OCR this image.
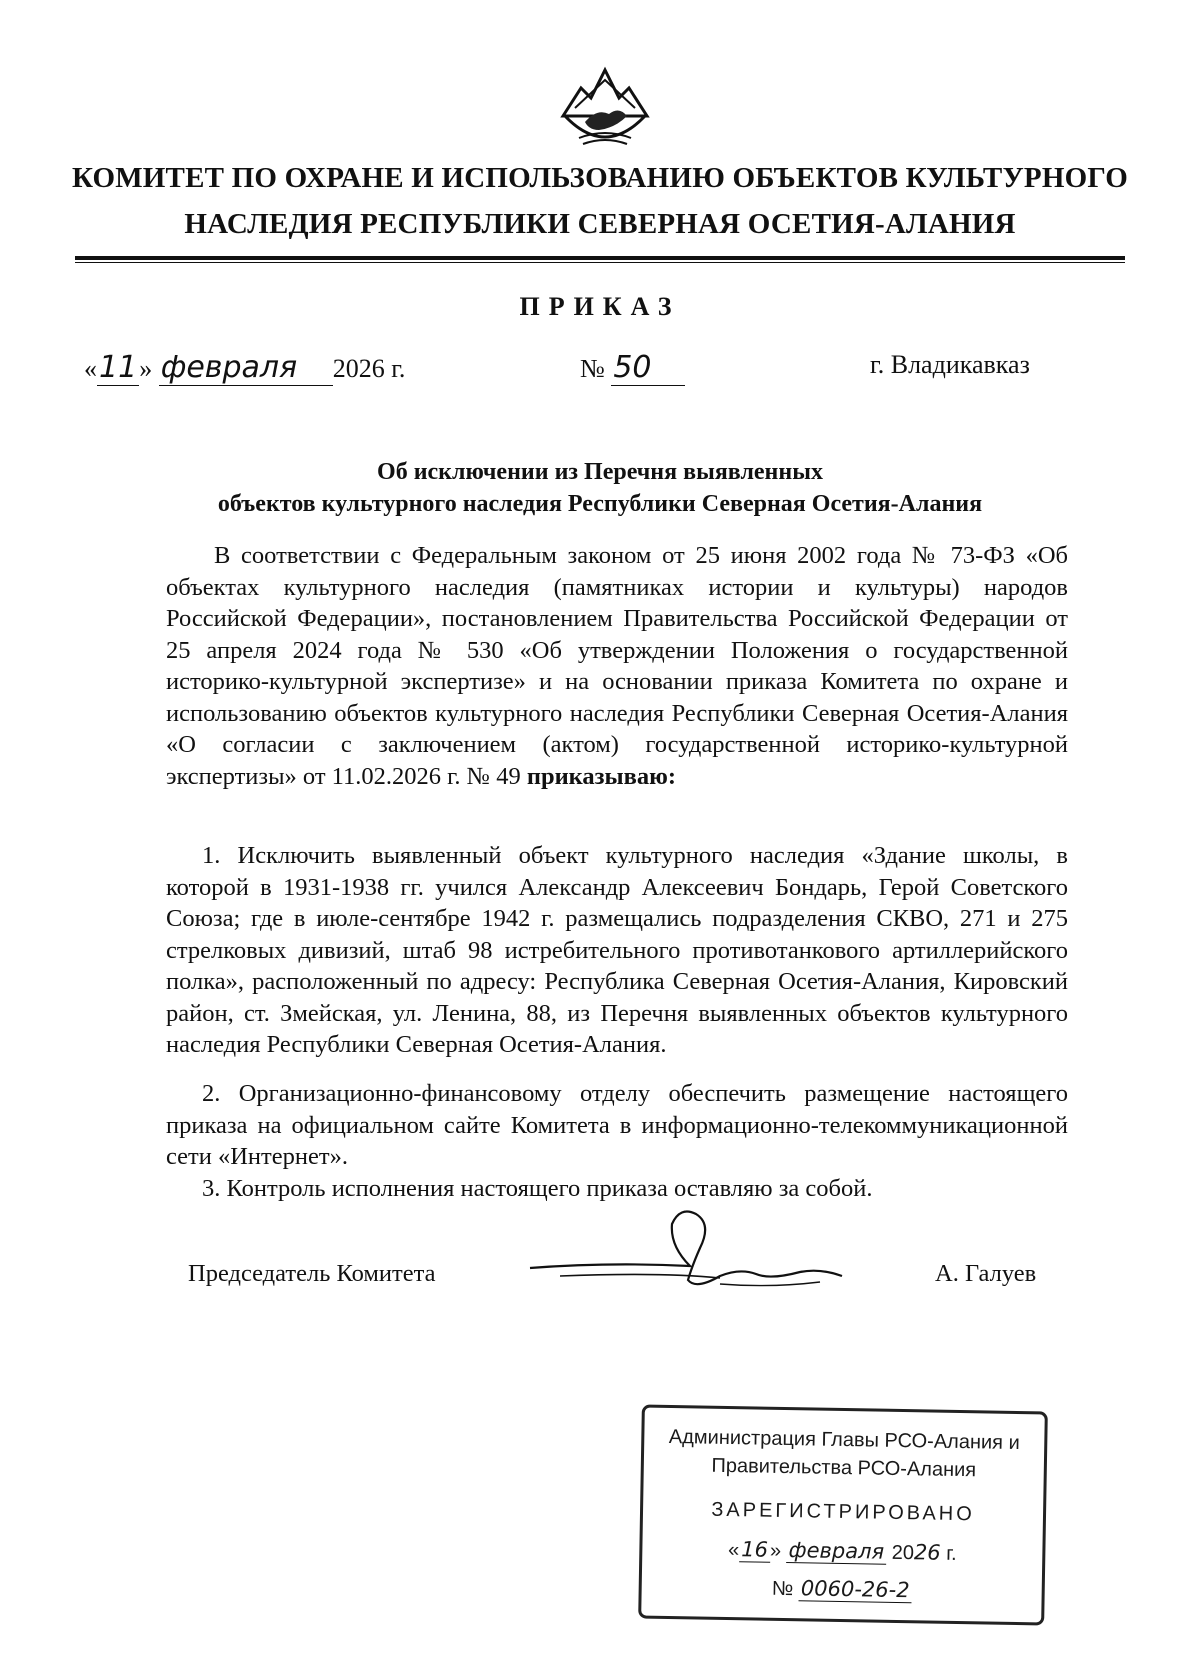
КОМИТЕТ ПО ОХРАНЕ И ИСПОЛЬЗОВАНИЮ ОБЪЕКТОВ КУЛЬТУРНОГО
НАСЛЕДИЯ РЕСПУБЛИКИ СЕВЕРНАЯ ОСЕТИЯ-АЛАНИЯ
ПРИКАЗ
«11» февраля 2026 г.	№ 50	г. Владикавказ
Об исключении из Перечня выявленных
объектов культурного наследия Республики Северная Осетия-Алания
В соответствии с Федеральным законом от 25 июня 2002 года № 73-ФЗ «Об объектах культурного наследия (памятниках истории и культуры) народов Российской Федерации», постановлением Правительства Российской Федерации от 25 апреля 2024 года № 530 «Об утверждении Положения о государственной историко-культурной экспертизе» и на основании приказа Комитета по охране и использованию объектов культурного наследия Республики Северная Осетия-Алания «О согласии с заключением (актом) государственной историко-культурной экспертизы» от 11.02.2026 г. № 49 приказываю:
1. Исключить выявленный объект культурного наследия «Здание школы, в которой в 1931-1938 гг. учился Александр Алексеевич Бондарь, Герой Советского Союза; где в июле-сентябре 1942 г. размещались подразделения СКВО, 271 и 275 стрелковых дивизий, штаб 98 истребительного противотанкового артиллерийского полка», расположенный по адресу: Республика Северная Осетия-Алания, Кировский район, ст. Змейская, ул. Ленина, 88, из Перечня выявленных объектов культурного наследия Республики Северная Осетия-Алания.
2. Организационно-финансовому отделу обеспечить размещение настоящего приказа на официальном сайте Комитета в информационно-телекоммуникационной сети «Интернет».
3. Контроль исполнения настоящего приказа оставляю за собой.
Председатель Комитета	А. Галуев
Администрация Главы РСО-Алания и
Правительства РСО-Алания
ЗАРЕГИСТРИРОВАНО
«16» февраля 2026 г.
№ 0060-26-2
